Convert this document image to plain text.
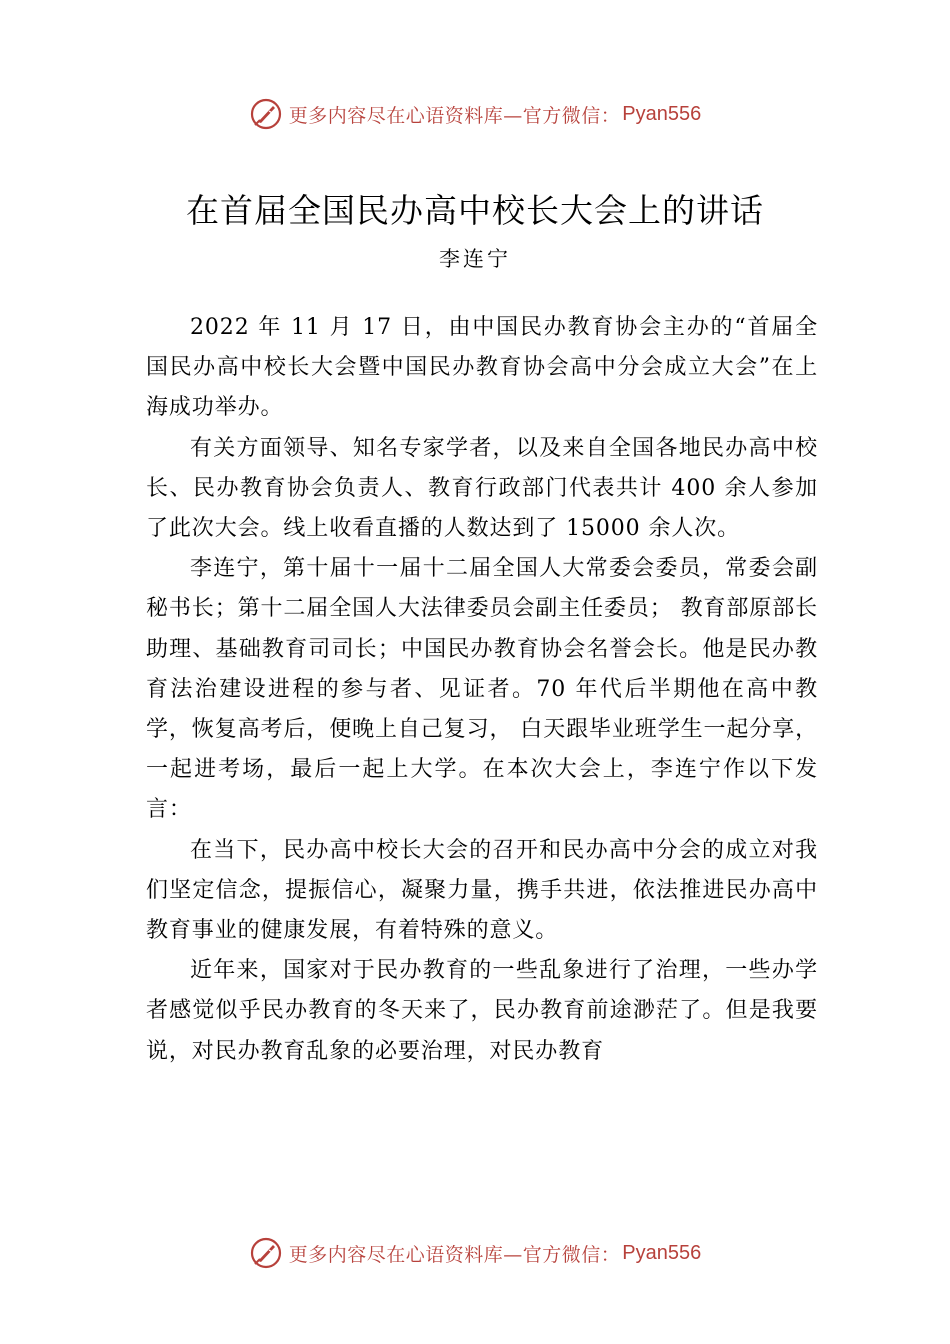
更多内容尽在心语资料库—官方微信： Pyan556
在首届全国民办高中校长大会上的讲话
李连宁

2022 年 11 月 17 日，由中国民办教育协会主办的“首届全国民办高中校长大会暨中国民办教育协会高中分会成立大会”在上海成功举办。

有关方面领导、知名专家学者，以及来自全国各地民办高中校长、民办教育协会负责人、教育行政部门代表共计 400 余人参加了此次大会。线上收看直播的人数达到了 15000 余人次。

李连宁，第十届十一届十二届全国人大常委会委员，常委会副秘书长；第十二届全国人大法律委员会副主任委员； 教育部原部长助理、基础教育司司长；中国民办教育协会名誉会长。他是民办教育法治建设进程的参与者、见证者。70 年代后半期他在高中教学，恢复高考后，便晚上自己复习， 白天跟毕业班学生一起分享，一起进考场，最后一起上大学。在本次大会上，李连宁作以下发言：

在当下，民办高中校长大会的召开和民办高中分会的成立对我们坚定信念，提振信心，凝聚力量，携手共进，依法推进民办高中教育事业的健康发展，有着特殊的意义。

近年来，国家对于民办教育的一些乱象进行了治理，一些办学者感觉似乎民办教育的冬天来了，民办教育前途渺茫了。但是我要说，对民办教育乱象的必要治理，对民办教育

更多内容尽在心语资料库—官方微信： Pyan556
